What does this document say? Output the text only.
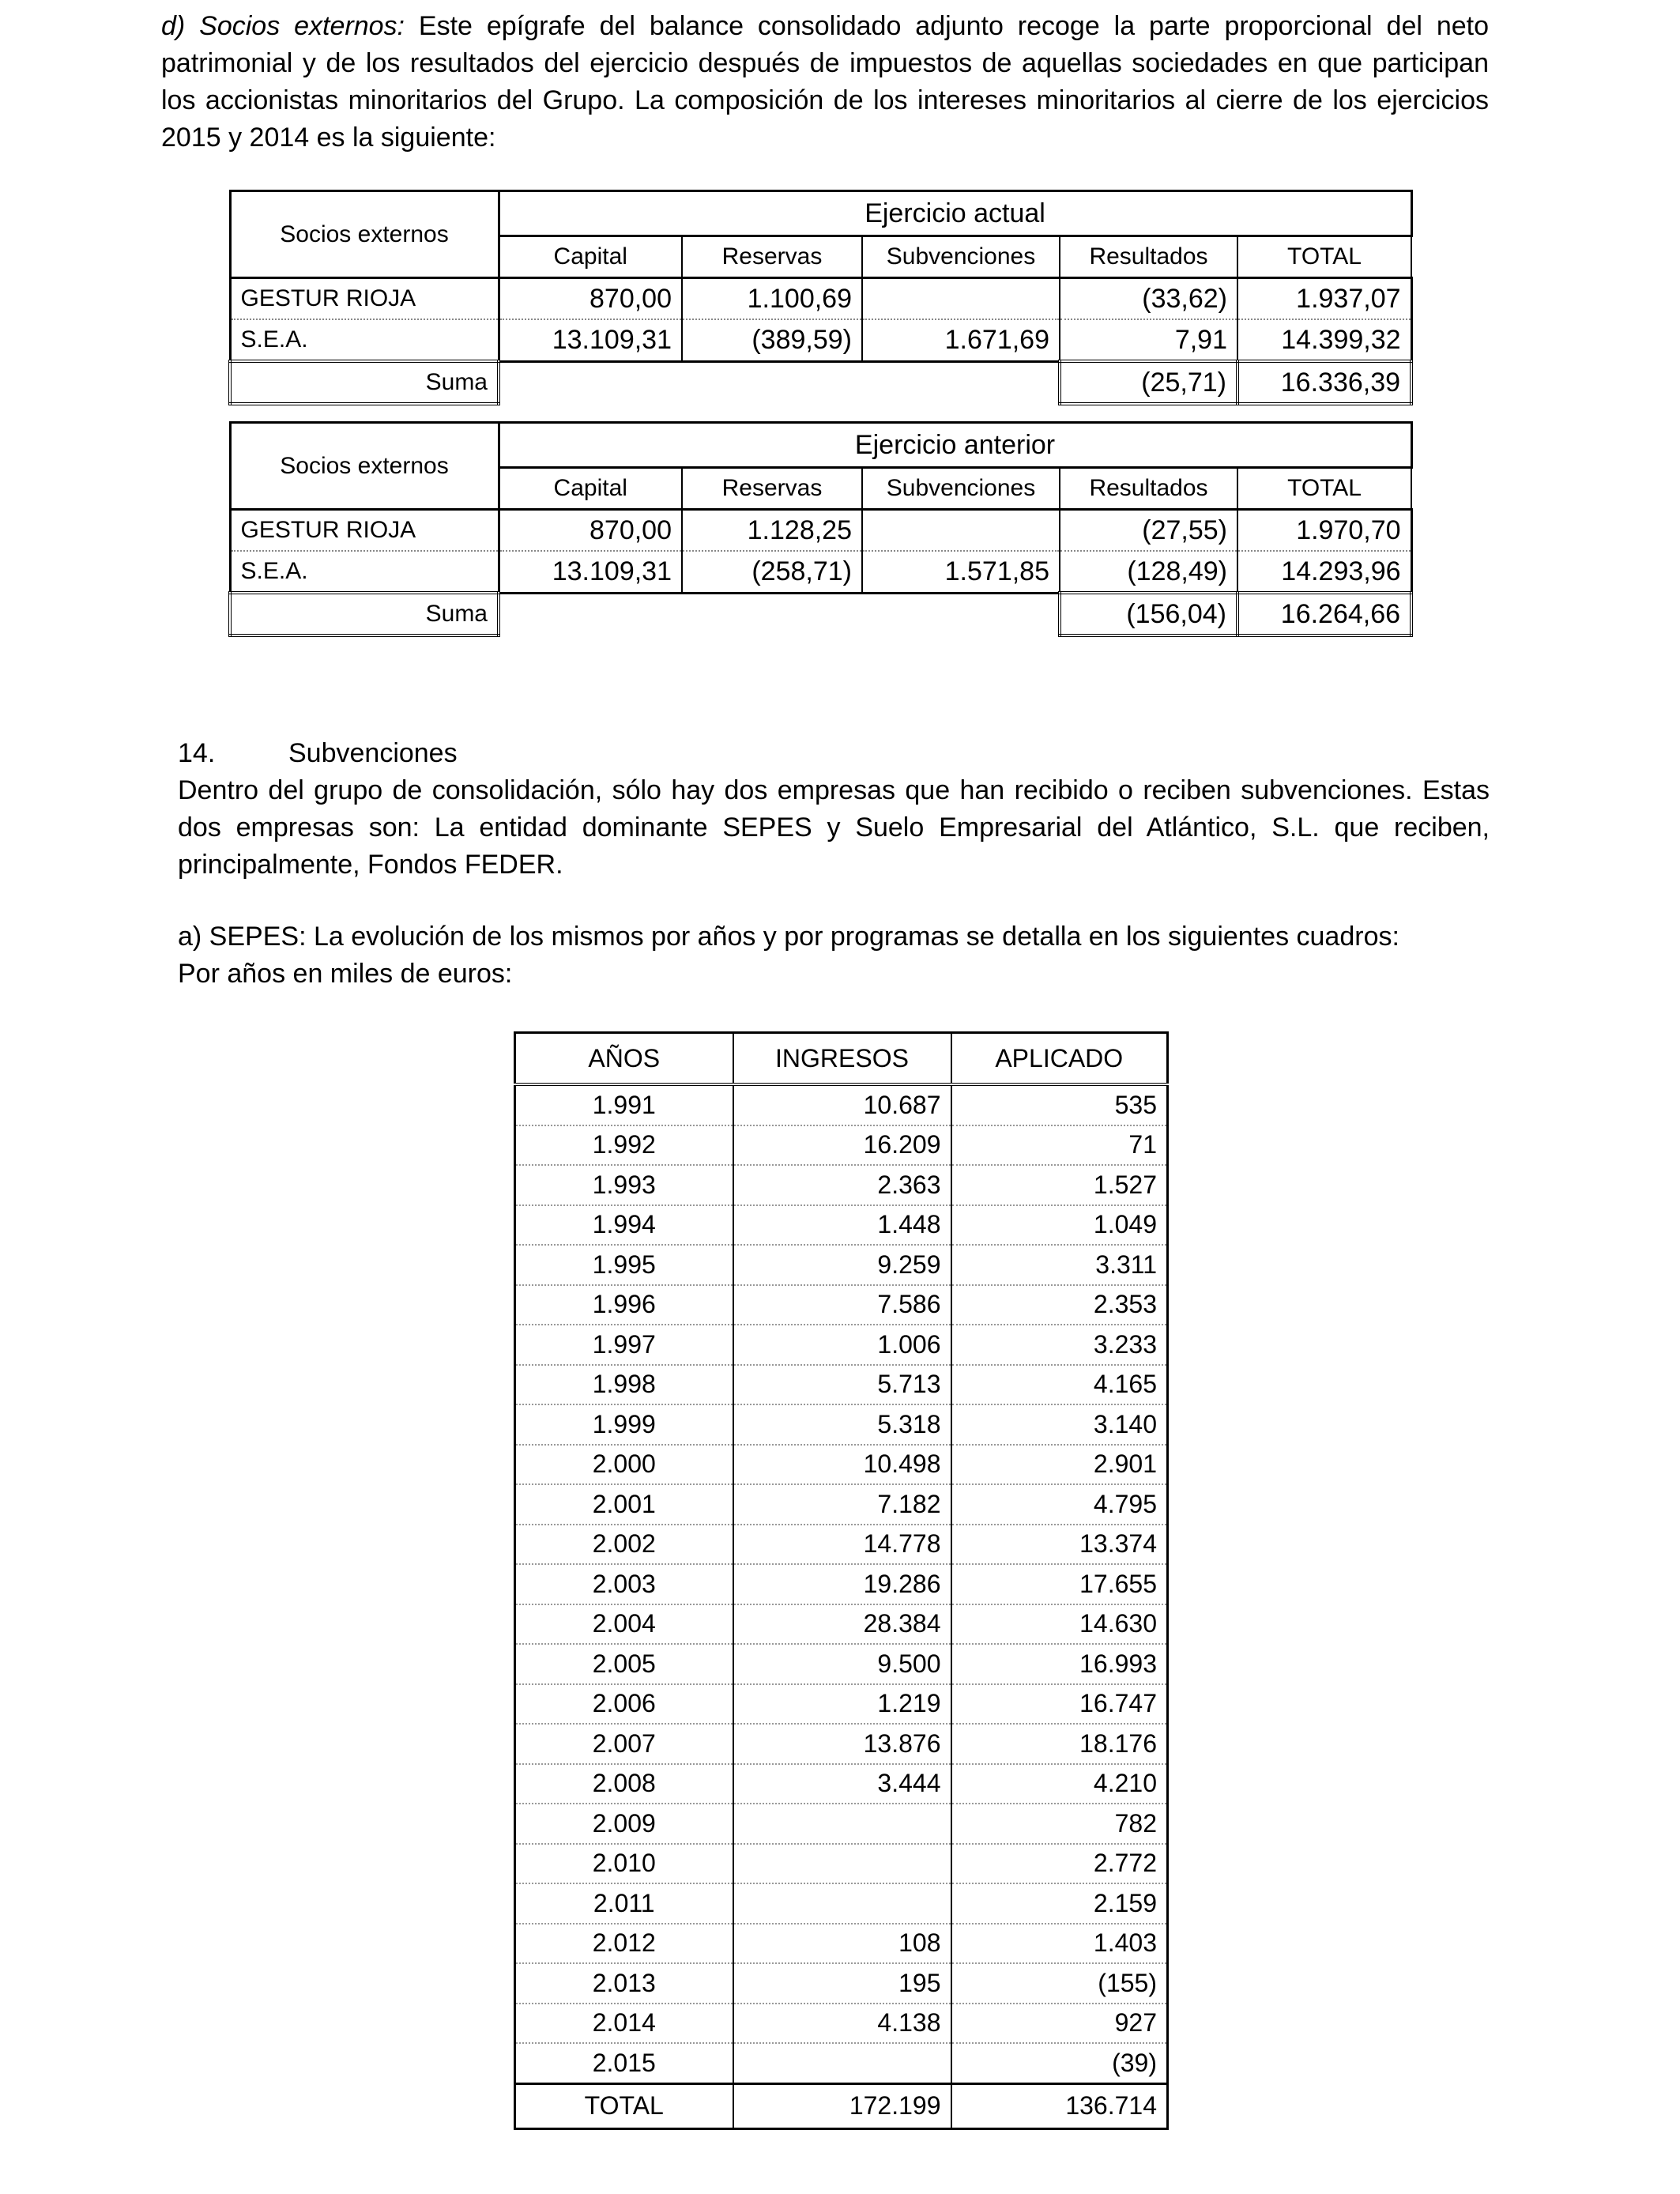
d) Socios externos: Este epígrafe del balance consolidado adjunto recoge la parte proporcional del neto patrimonial y de los resultados del ejercicio después de impuestos de aquellas sociedades en que participan los accionistas minoritarios del Grupo. La composición de los intereses minoritarios al cierre de los ejercicios 2015 y 2014 es la siguiente:

Socios externos	Ejercicio actual				
	Capital	Reservas	Subvenciones	Resultados	TOTAL
GESTUR RIOJA	870,00	1.100,69		(33,62)	1.937,07
S.E.A.	13.109,31	(389,59)	1.671,69	7,91	14.399,32
Suma				(25,71)	16.336,39
Socios externos	Ejercicio anterior				
	Capital	Reservas	Subvenciones	Resultados	TOTAL
GESTUR RIOJA	870,00	1.128,25		(27,55)	1.970,70
S.E.A.	13.109,31	(258,71)	1.571,85	(128,49)	14.293,96
Suma				(156,04)	16.264,66

14.	Subvenciones

Dentro del grupo de consolidación, sólo hay dos empresas que han recibido o reciben subvenciones. Estas dos empresas son: La entidad dominante SEPES y Suelo Empresarial del Atlántico, S.L. que reciben, principalmente, Fondos FEDER.

a) SEPES: La evolución de los mismos por años y por programas se detalla en los siguientes cuadros:
Por años en miles de euros:

AÑOS	INGRESOS	APLICADO
1.991	10.687	535
1.992	16.209	71
1.993	2.363	1.527
1.994	1.448	1.049
1.995	9.259	3.311
1.996	7.586	2.353
1.997	1.006	3.233
1.998	5.713	4.165
1.999	5.318	3.140
2.000	10.498	2.901
2.001	7.182	4.795
2.002	14.778	13.374
2.003	19.286	17.655
2.004	28.384	14.630
2.005	9.500	16.993
2.006	1.219	16.747
2.007	13.876	18.176
2.008	3.444	4.210
2.009		782
2.010		2.772
2.011		2.159
2.012	108	1.403
2.013	195	(155)
2.014	4.138	927
2.015		(39)
TOTAL	172.199	136.714
